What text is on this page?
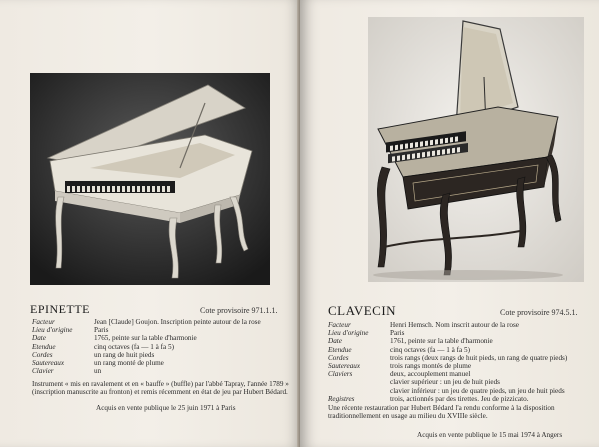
EPINETTE	Cote provisoire 971.1.1.
Facteur	Jean [Claude] Goujon. Inscription peinte autour de la rose
Lieu d'origine	Paris
Date	1765, peinte sur la table d'harmonie
Etendue	cinq octaves (fa — 1 à fa 5)
Cordes	un rang de huit pieds
Sautereaux	un rang monté de plume
Clavier	un
Instrument « mis en ravalement et en « bauffe » (buffle) par l'abbé Tapray, l'année 1789 » (inscription manuscrite au fronton) et remis récemment en état de jeu par Hubert Bédard.
Acquis en vente publique le 25 juin 1971 à Paris
CLAVECIN	Cote provisoire 974.5.1.
Facteur	Henri Hemsch. Nom inscrit autour de la rose
Lieu d'origine	Paris
Date	1761, peinte sur la table d'harmonie
Etendue	cinq octaves (fa — 1 à fa 5)
Cordes	trois rangs (deux rangs de huit pieds, un rang de quatre pieds)
Sautereaux	trois rangs montés de plume
Claviers	deux, accouplement manuel
clavier supérieur : un jeu de huit pieds
clavier inférieur : un jeu de quatre pieds, un jeu de huit pieds
Registres	trois, actionnés par des tirettes. Jeu de pizzicato.
Une récente restauration par Hubert Bédard l'a rendu conforme à la disposition traditionnellement en usage au milieu du XVIIIe siècle.
Acquis en vente publique le 15 mai 1974 à Angers
